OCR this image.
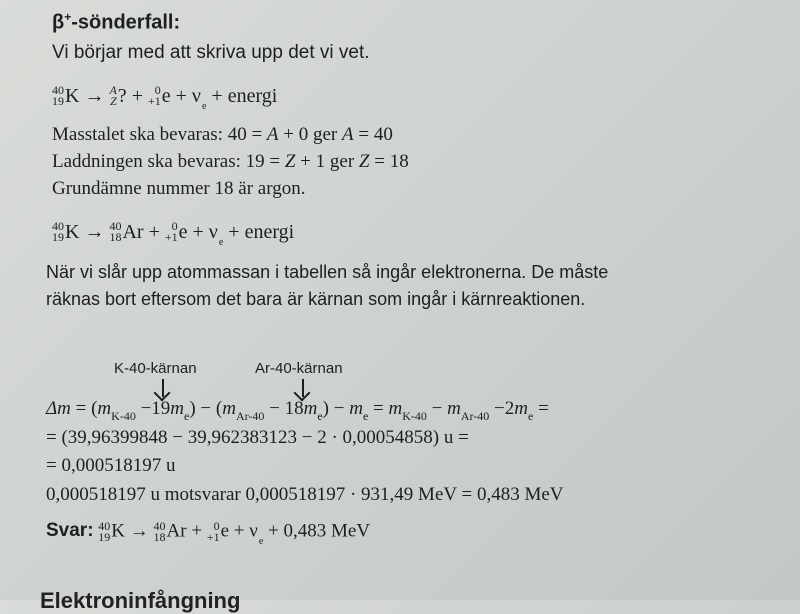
β+-sönderfall:
Vi börjar med att skriva upp det vi vet.
40
19 K → A
Z ? + 0
+1 $e + \nu_e$ + energi
Masstalet ska bevaras: 40 = A + 0 ger A = 40
Laddningen ska bevaras: 19 = Z + 1 ger Z = 18
Grundämne nummer 18 är argon.
40
19 K → 40
18 Ar + 0
+1 $e + \nu_e$ + energi
När vi slår upp atommassan i tabellen så ingår elektronerna. De måste
räknas bort eftersom det bara är kärnan som ingår i kärnreaktionen.
K-40-kärnan	Ar-40-kärnan
$\Delta m = (m_{K-40} -19m_e) - (m_{Ar-40} - 18m_e) - m_e = m_{K-40} - m_{Ar-40} -2m_e$ =
= (39,96399848 − 39,962383123 − 2 · 0,00054858) u =
= 0,000518197 u
0,000518197 u motsvarar 0,000518197 · 931,49 MeV = 0,483 MeV
Svar: 40
19 K → 40
18 Ar + 0
+1 $e + \nu_e + 0,483$ MeV
Elektroninfångning
